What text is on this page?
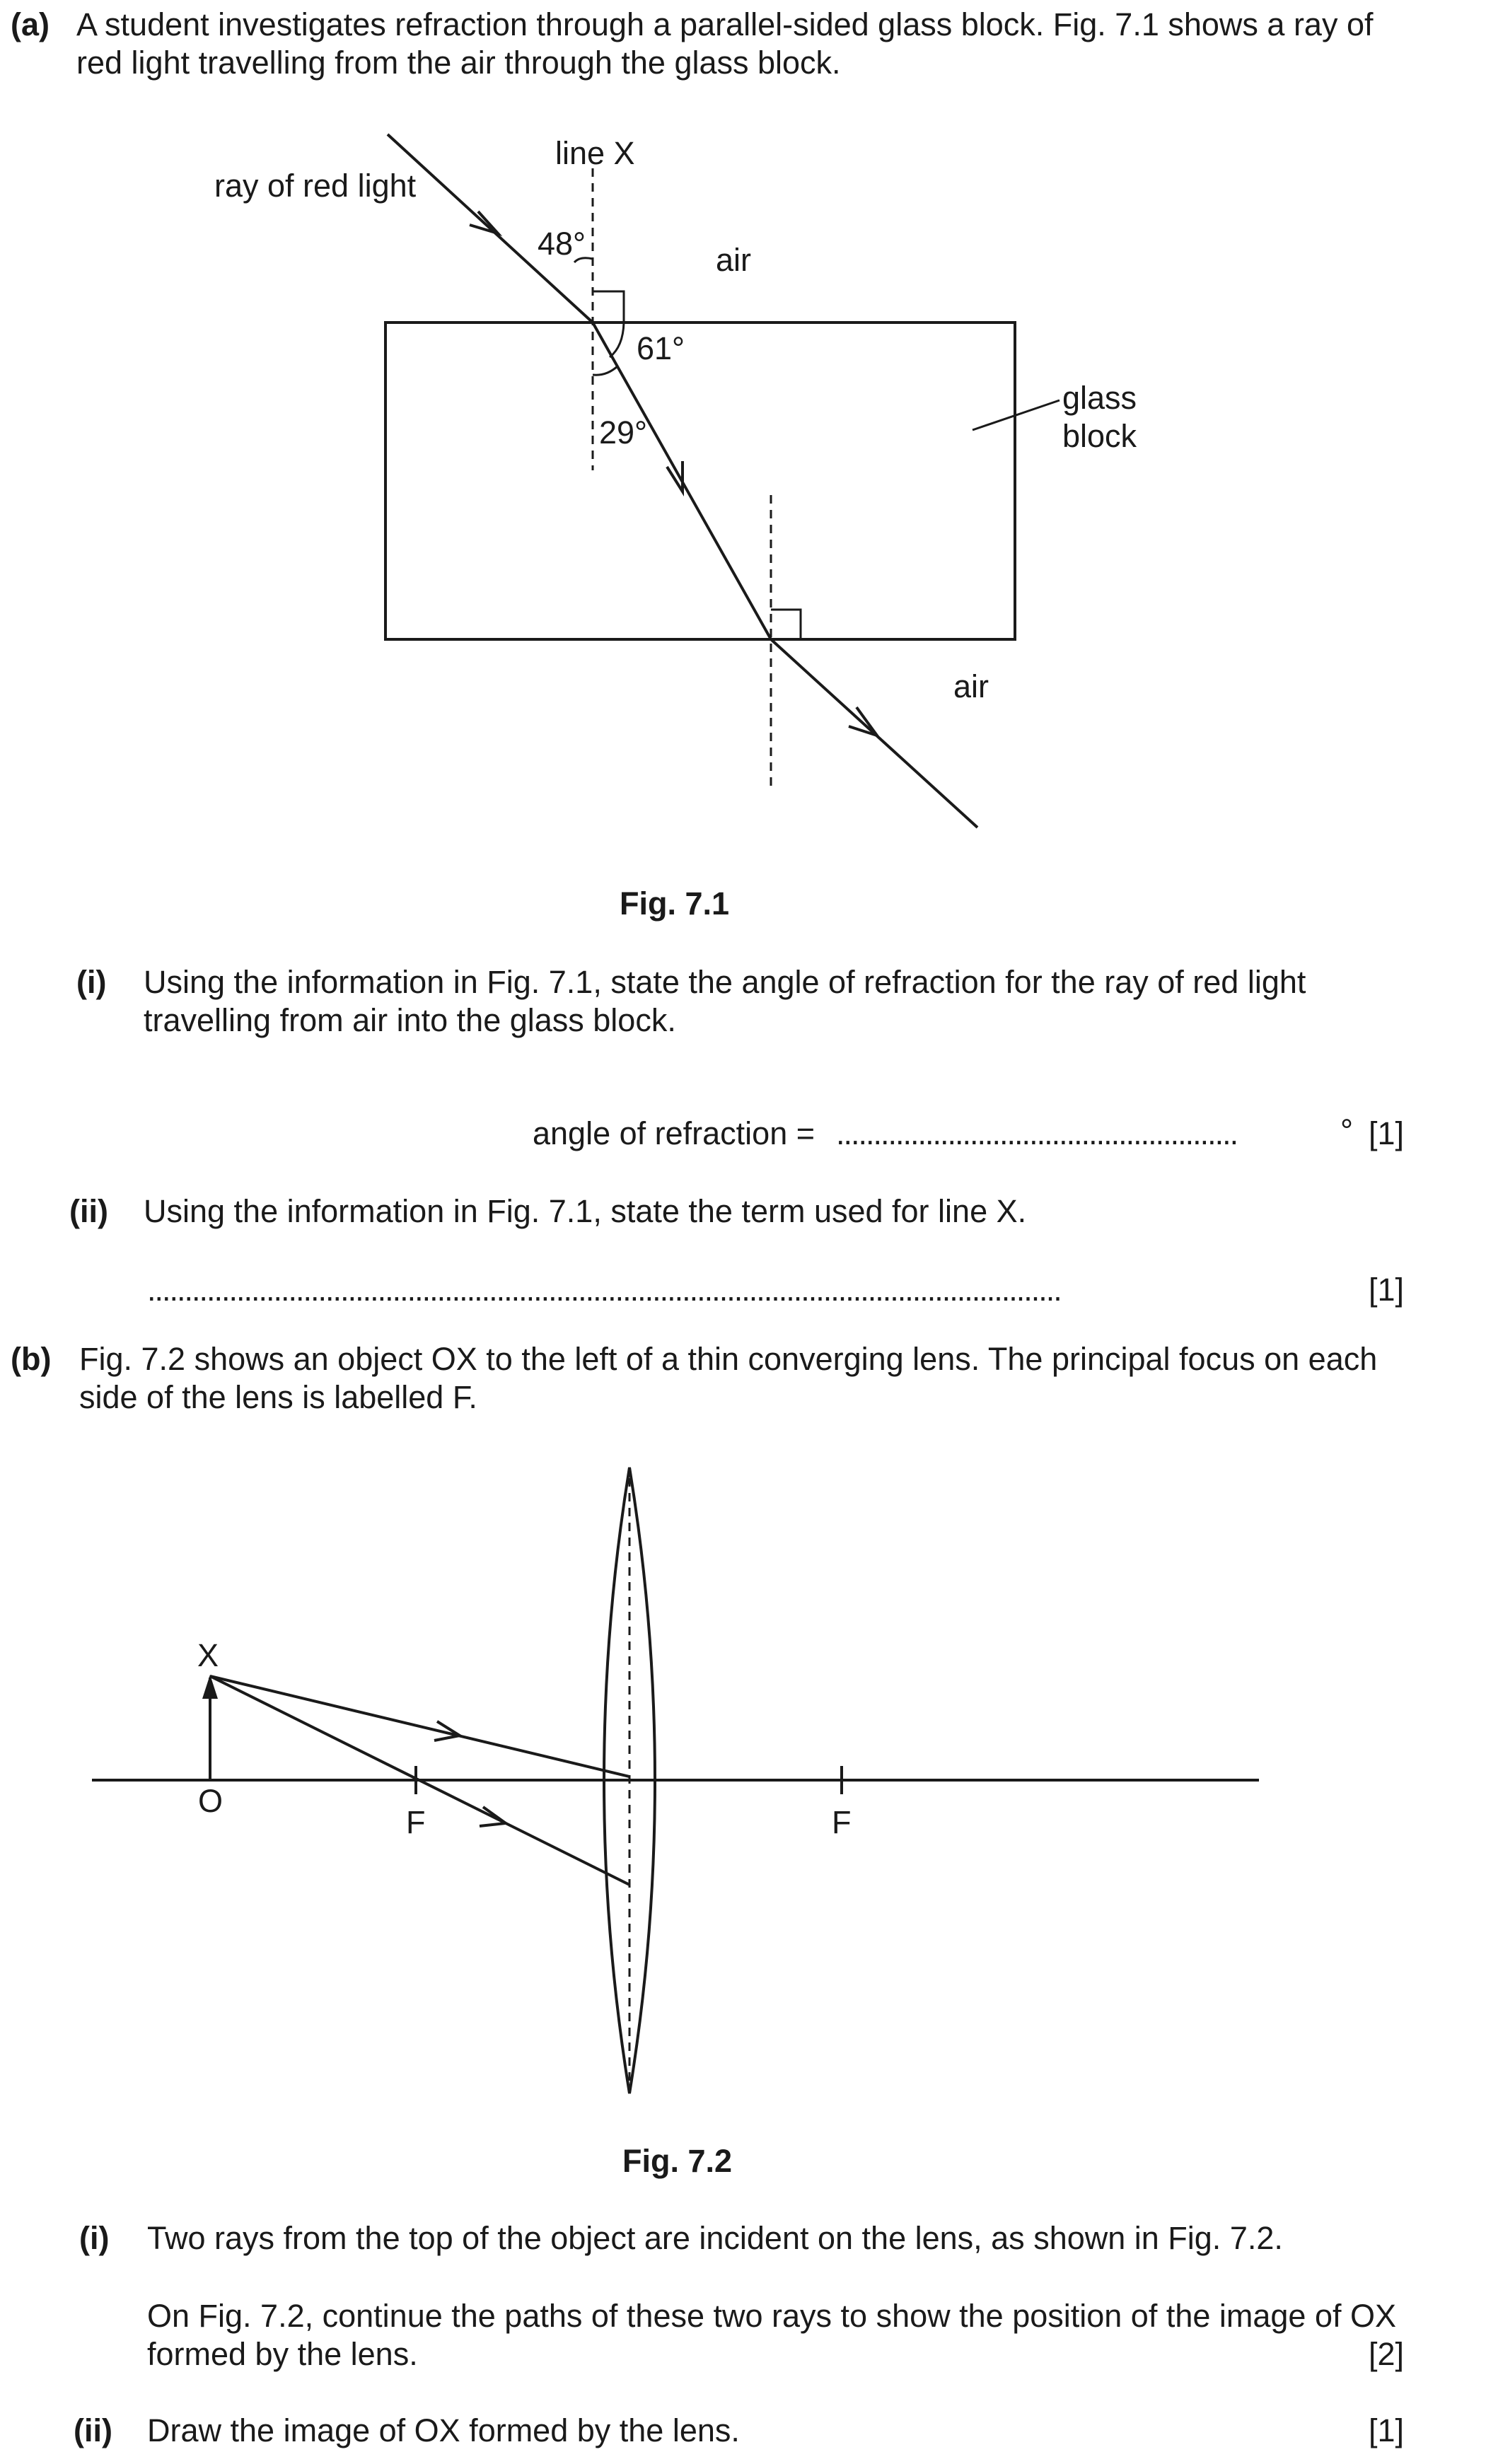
(a) A student investigates refraction through a parallel-sided glass block. Fig. 7.1 shows a ray of
red light travelling from the air through the glass block.
line X
ray of red light
48°	air
61°
29°
glass
block
air
Fig. 7.1
(i) Using the information in Fig. 7.1, state the angle of refraction for the ray of red light
travelling from air into the glass block.
angle of refraction = ......................................................	° [1]
(ii) Using the information in Fig. 7.1, state the term used for line X.
...........................................................................................................................	[1]
(b) Fig. 7.2 shows an object OX to the left of a thin converging lens. The principal focus on each
side of the lens is labelled F.
X
O
F	F
Fig. 7.2
(i) Two rays from the top of the object are incident on the lens, as shown in Fig. 7.2.
On Fig. 7.2, continue the paths of these two rays to show the position of the image of OX
formed by the lens.	[2]
(ii) Draw the image of OX formed by the lens.	[1]
